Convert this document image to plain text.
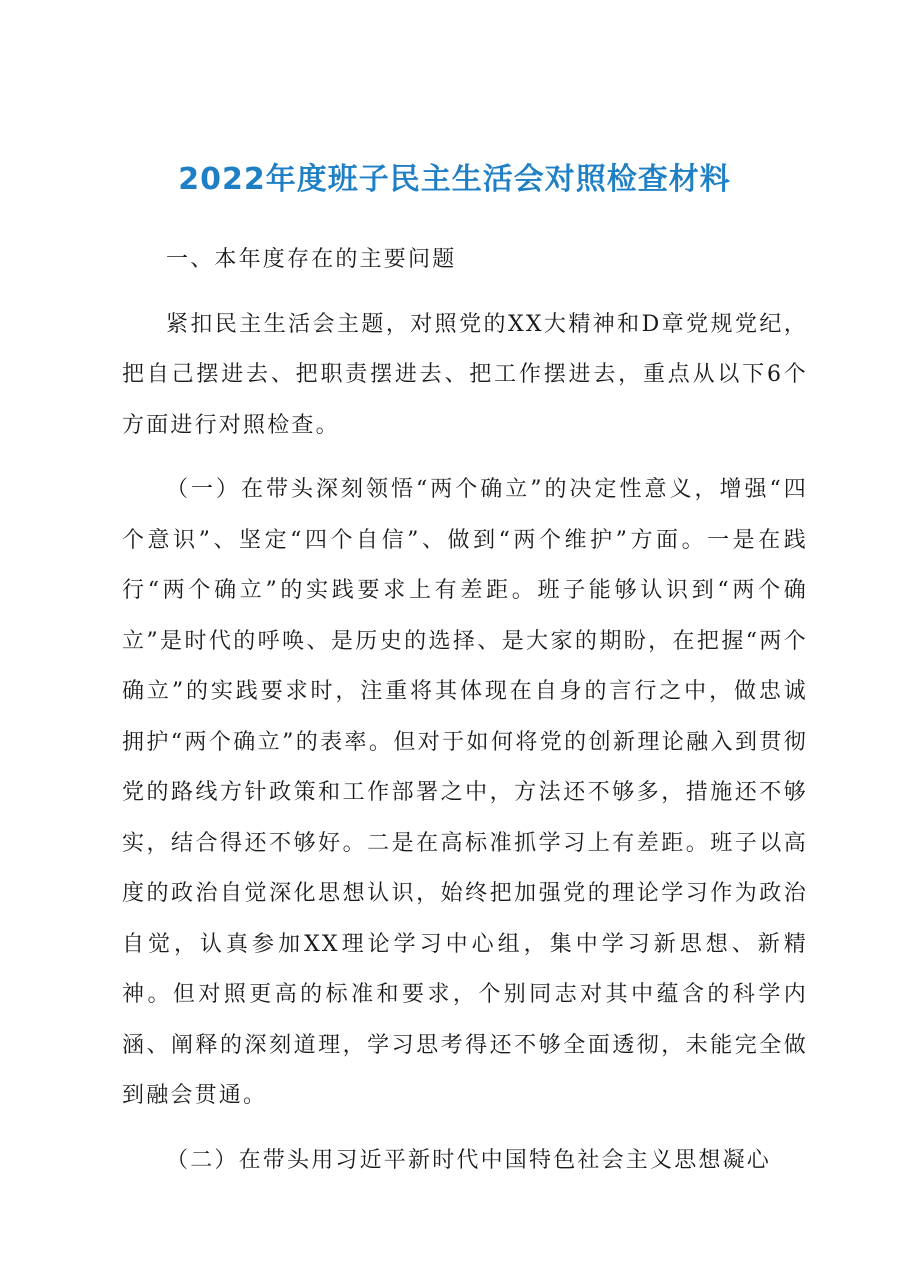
2022年度班子民主生活会对照检查材料

一、本年度存在的主要问题

紧扣民主生活会主题，对照党的XX大精神和D章党规党纪，把自己摆进去、把职责摆进去、把工作摆进去，重点从以下6个方面进行对照检查。

（一）在带头深刻领悟“两个确立”的决定性意义，增强“四个意识”、坚定“四个自信”、做到“两个维护”方面。一是在践行“两个确立”的实践要求上有差距。班子能够认识到“两个确立”是时代的呼唤、是历史的选择、是大家的期盼，在把握“两个确立”的实践要求时，注重将其体现在自身的言行之中，做忠诚拥护“两个确立”的表率。但对于如何将党的创新理论融入到贯彻党的路线方针政策和工作部署之中，方法还不够多，措施还不够实，结合得还不够好。二是在高标准抓学习上有差距。班子以高度的政治自觉深化思想认识，始终把加强党的理论学习作为政治自觉，认真参加XX理论学习中心组，集中学习新思想、新精神。但对照更高的标准和要求，个别同志对其中蕴含的科学内涵、阐释的深刻道理，学习思考得还不够全面透彻，未能完全做到融会贯通。

（二）在带头用习近平新时代中国特色社会主义思想凝心
